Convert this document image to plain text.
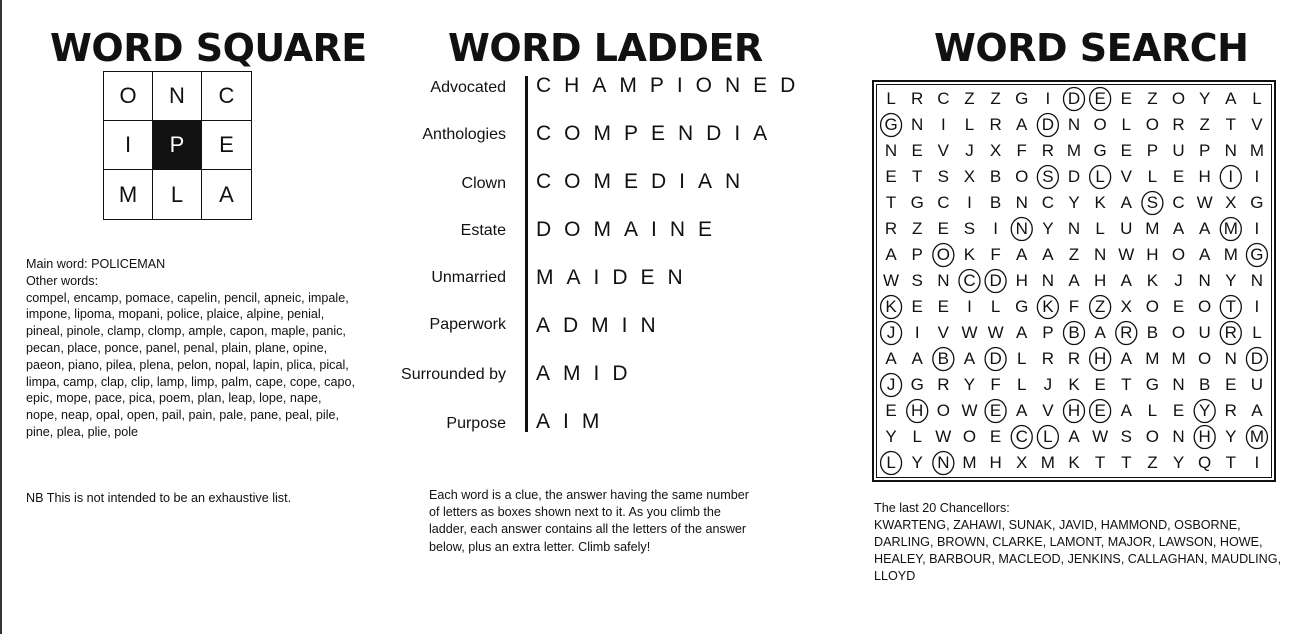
WORD SQUARE
O	N	C
I	P	E
M	L	A

Main word: POLICEMAN

Other words:

compel, encamp, pomace, capelin, pencil, apneic, impale, impone, lipoma, mopani, police, plaice, alpine, penial, pineal, pinole, clamp, clomp, ample, capon, maple, panic, pecan, place, ponce, panel, penal, plain, plane, opine, paeon, piano, pilea, plena, pelon, nopal, lapin, plica, pical, limpa, camp, clap, clip, lamp, limp, palm, cape, cope, capo, epic, mope, pace, pica, poem, plan, leap, lope, nape, nope, neap, opal, open, pail, pain, pale, pane, peal, pile, pine, plea, plie, pole

NB This is not intended to be an exhaustive list.

WORD LADDER
Advocated CHAMPIONED
Anthologies COMPENDIA
Clown COMEDIAN
Estate DOMAINE
Unmarried MAIDEN
Paperwork ADMIN
Surrounded by AMID
Purpose AIM

Each word is a clue, the answer having the same number of letters as boxes shown next to it. As you climb the ladder, each answer contains all the letters of the answer below, plus an extra letter. Climb safely!

WORD SEARCH
L R C Z Z G	I	D E E Z O Y A L
G N	I	L R A D N O L O R Z T V
N E V J X F R M G E P U P N M
E T S X B O S D L V L E H	I	I
T G C	I	B N C Y K A S C W X G
R Z E S	I	N Y N L U M A A M I
A P O K F A A Z N W H O A M G
W S N C D H N A H A K J N Y N
K E E	I	L G K F Z X O E O T	I
J	I	V W W A P B A R B O U R L
A A B A D L R R H A M M O N D
J G R Y F L	J K E T G N B E U
E H O W E A V H E A L E Y R A
Y L W O E C L A W S O N H Y M
L Y N M H X M K T T Z Y Q T	I

The last 20 Chancellors:

KWARTENG, ZAHAWI, SUNAK, JAVID, HAMMOND, OSBORNE, DARLING, BROWN, CLARKE, LAMONT, MAJOR, LAWSON, HOWE, HEALEY, BARBOUR, MACLEOD, JENKINS, CALLAGHAN, MAUDLING, LLOYD
